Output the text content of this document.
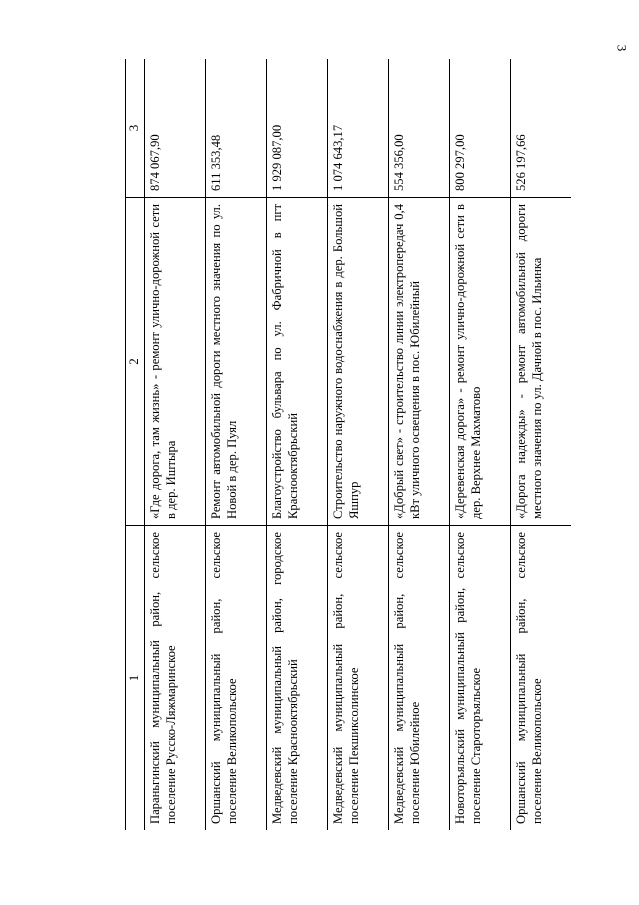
3
1	2	3
Параньгинский муниципальный район, сельское поселение Русско-Ляжмаринское	«Где дорога, там жизнь» - ремонт улично-дорожной сети в дер. Иштыра	874 067,90
Оршанский муниципальный район, сельское поселение Великопольское	Ремонт автомобильной дороги местного значения по ул. Новой в дер. Пуял	611 353,48
Медведевский муниципальный район, городское поселение Краснооктябрьский	Благоустройство бульвара по ул. Фабричной в пгт Краснооктябрьский	1 929 087,00
Медведевский муниципальный район, сельское поселение Пекшиксолинское	Строительство наружного водоснабжения в дер. Большой Яшпур	1 074 643,17
Медведевский муниципальный район, сельское поселение Юбилейное	«Добрый свет» - строительство линии электропередач 0,4 кВт уличного освещения в пос. Юбилейный	554 356,00
Новоторъяльский муниципальный район, сельское поселение Староторъяльское	«Деревенская дорога» - ремонт улично-дорожной сети в дер. Верхнее Махматово	800 297,00
Оршанский муниципальный район, сельское поселение Великопольское	«Дорога надежды» - ремонт автомобильной дороги местного значения по ул. Дачной в пос. Ильинка	526 197,66
